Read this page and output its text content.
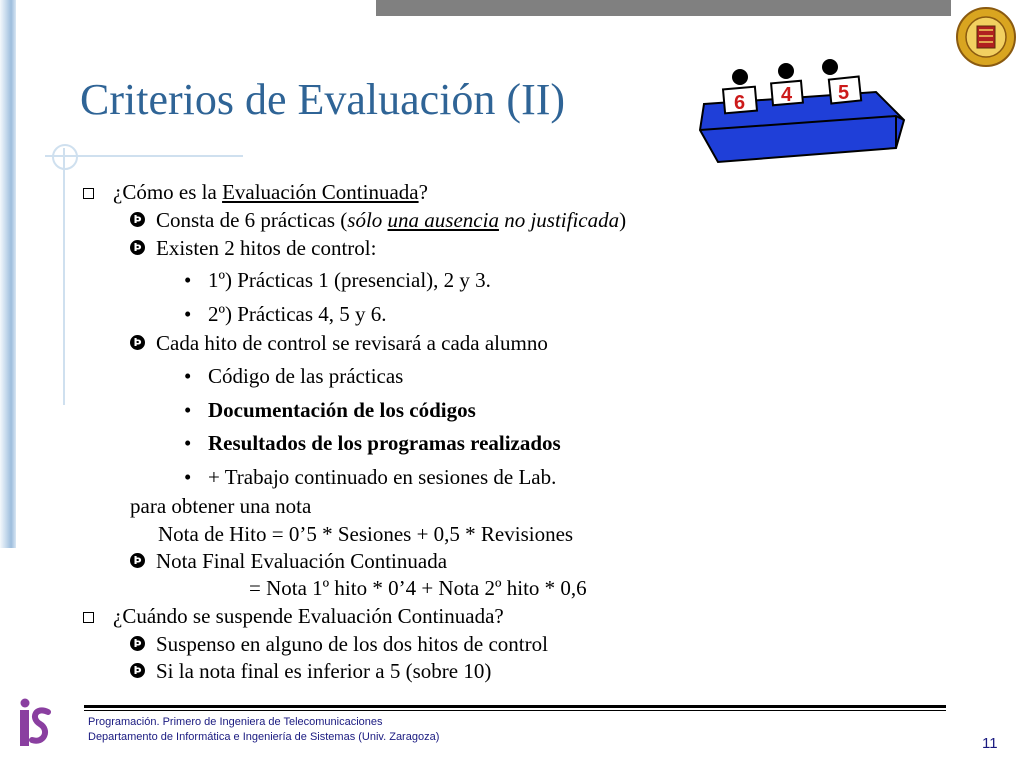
Criterios de Evaluación (II)	6 4 5
¿Cómo es la Evaluación Continuada?
Þ Consta de 6 prácticas (sólo una ausencia no justificada)
Þ Existen 2 hitos de control:
• 1º) Prácticas 1 (presencial), 2 y 3.
• 2º) Prácticas 4, 5 y 6.
Þ Cada hito de control se revisará a cada alumno
• Código de las prácticas
• Documentación de los códigos
• Resultados de los programas realizados
• + Trabajo continuado en sesiones de Lab.
para obtener una nota
Nota de Hito = 0’5 * Sesiones + 0,5 * Revisiones
Þ Nota Final Evaluación Continuada
= Nota 1º hito * 0’4 + Nota 2º hito * 0,6
¿Cuándo se suspende Evaluación Continuada?
Þ Suspenso en alguno de los dos hitos de control
Þ Si la nota final es inferior a 5 (sobre 10)
Programación. Primero de Ingeniera de Telecomunicaciones
Departamento de Informática e Ingeniería de Sistemas (Univ. Zaragoza)	11
